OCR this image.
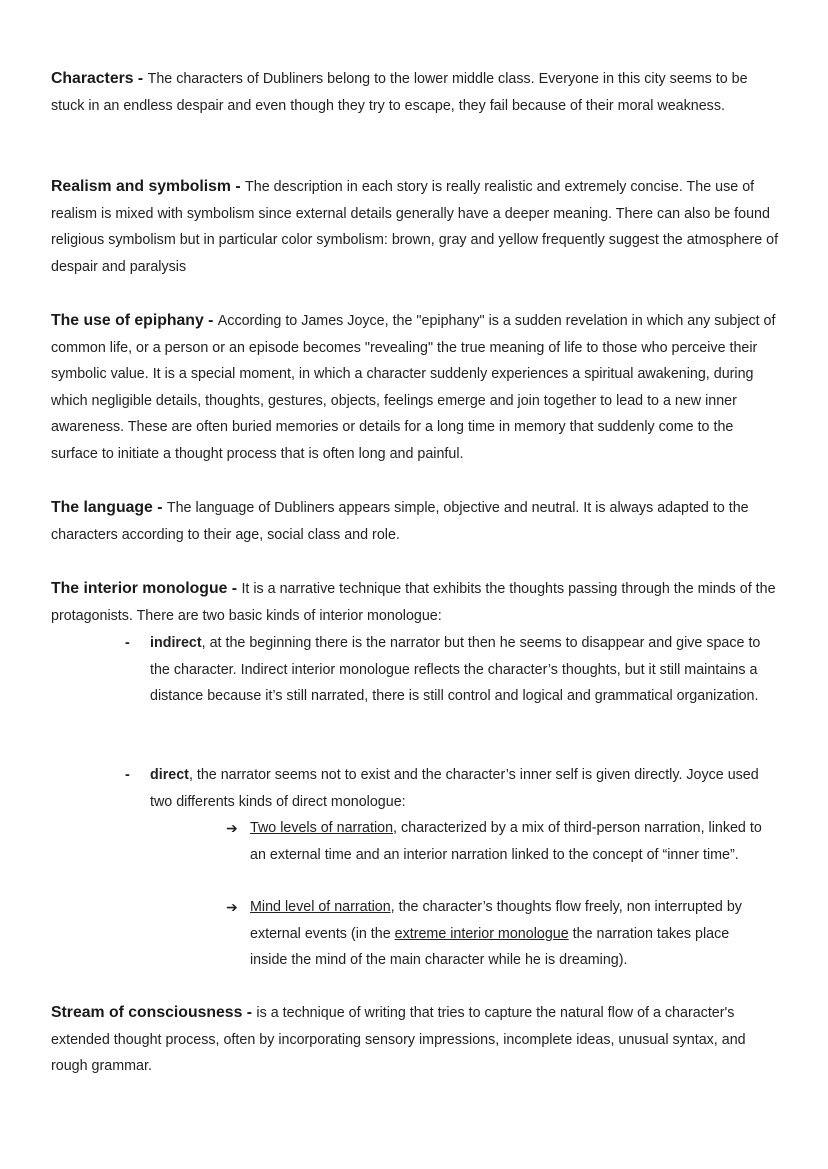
Characters - The characters of Dubliners belong to the lower middle class. Everyone in this city seems to be stuck in an endless despair and even though they try to escape, they fail because of their moral weakness.

Realism and symbolism - The description in each story is really realistic and extremely concise. The use of realism is mixed with symbolism since external details generally have a deeper meaning. There can also be found religious symbolism but in particular color symbolism: brown, gray and yellow frequently suggest the atmosphere of despair and paralysis

The use of epiphany - According to James Joyce, the "epiphany" is a sudden revelation in which any subject of common life, or a person or an episode becomes "revealing" the true meaning of life to those who perceive their symbolic value. It is a special moment, in which a character suddenly experiences a spiritual awakening, during which negligible details, thoughts, gestures, objects, feelings emerge and join together to lead to a new inner awareness. These are often buried memories or details for a long time in memory that suddenly come to the surface to initiate a thought process that is often long and painful.

The language - The language of Dubliners appears simple, objective and neutral. It is always adapted to the characters according to their age, social class and role.

The interior monologue - It is a narrative technique that exhibits the thoughts passing through the minds of the protagonists. There are two basic kinds of interior monologue:

- indirect, at the beginning there is the narrator but then he seems to disappear and give space to the character. Indirect interior monologue reflects the character’s thoughts, but it still maintains a distance because it’s still narrated, there is still control and logical and grammatical organization.
- direct, the narrator seems not to exist and the character’s inner self is given directly. Joyce used two differents kinds of direct monologue:
➔ Two levels of narration, characterized by a mix of third-person narration, linked to an external time and an interior narration linked to the concept of “inner time”.
➔ Mind level of narration, the character’s thoughts flow freely, non interrupted by external events (in the extreme interior monologue the narration takes place inside the mind of the main character while he is dreaming).

Stream of consciousness - is a technique of writing that tries to capture the natural flow of a character's extended thought process, often by incorporating sensory impressions, incomplete ideas, unusual syntax, and rough grammar.
